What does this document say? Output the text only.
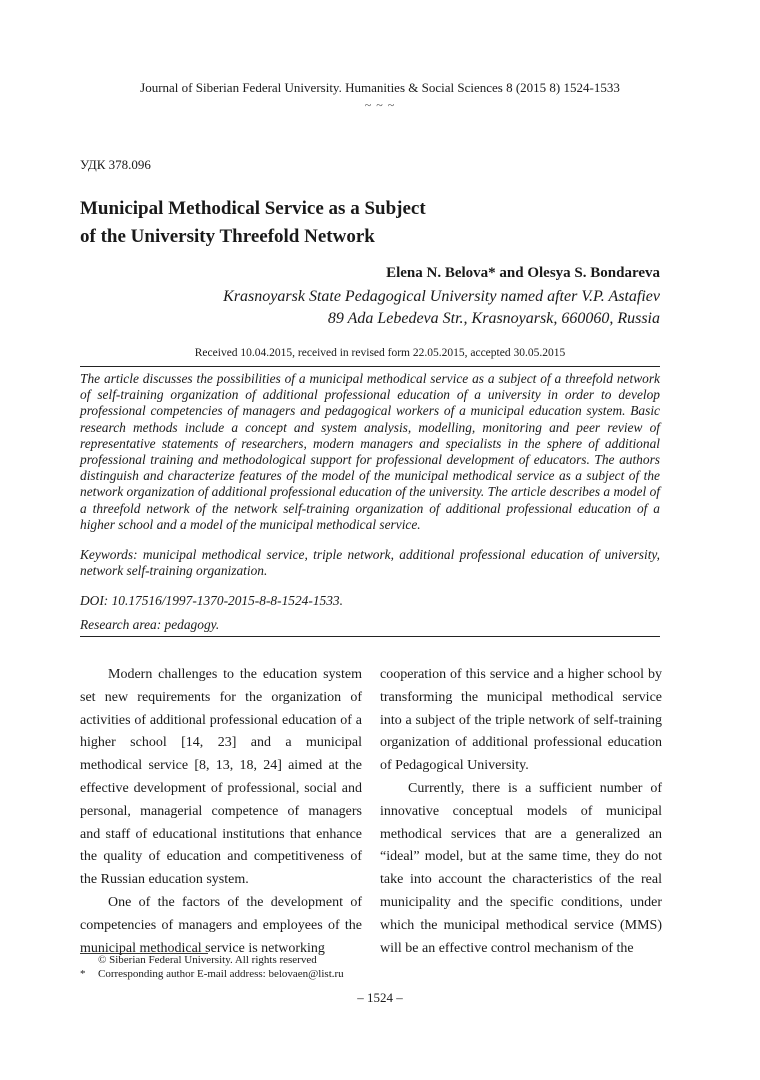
Journal of Siberian Federal University. Humanities & Social Sciences 8 (2015 8) 1524-1533
~ ~ ~
УДК 378.096
Municipal Methodical Service as a Subject
of the University Threefold Network
Elena N. Belova* and Olesya S. Bondareva
Krasnoyarsk State Pedagogical University named after V.P. Astafiev
89 Ada Lebedeva Str., Krasnoyarsk, 660060, Russia
Received 10.04.2015, received in revised form 22.05.2015, accepted 30.05.2015

The article discusses the possibilities of a municipal methodical service as a subject of a threefold network of self-training organization of additional professional education of a university in order to develop professional competencies of managers and pedagogical workers of a municipal education system. Basic research methods include a concept and system analysis, modelling, monitoring and peer review of representative statements of researchers, modern managers and specialists in the sphere of additional professional training and methodological support for professional development of educators. The authors distinguish and characterize features of the model of the municipal methodical service as a subject of the network organization of additional professional education of the university. The article describes a model of a threefold network of the network self-training organization of additional professional education of a higher school and a model of the municipal methodical service.

Keywords: municipal methodical service, triple network, additional professional education of university, network self-training organization.

DOI: 10.17516/1997-1370-2015-8-8-1524-1533.

Research area: pedagogy.

Modern challenges to the education system set new requirements for the organization of activities of additional professional education of a higher school [14, 23] and a municipal methodical service [8, 13, 18, 24] aimed at the effective development of professional, social and personal, managerial competence of managers and staff of educational institutions that enhance the quality of education and competitiveness of the Russian education system.

One of the factors of the development of competencies of managers and employees of the municipal methodical service is networking

cooperation of this service and a higher school by transforming the municipal methodical service into a subject of the triple network of self-training organization of additional professional education of Pedagogical University.

Currently, there is a sufficient number of innovative conceptual models of municipal methodical services that are a generalized an “ideal” model, but at the same time, they do not take into account the characteristics of the real municipality and the specific conditions, under which the municipal methodical service (MMS) will be an effective control mechanism of the

© Siberian Federal University. All rights reserved
* Corresponding author E-mail address: belovaen@list.ru
– 1524 –
